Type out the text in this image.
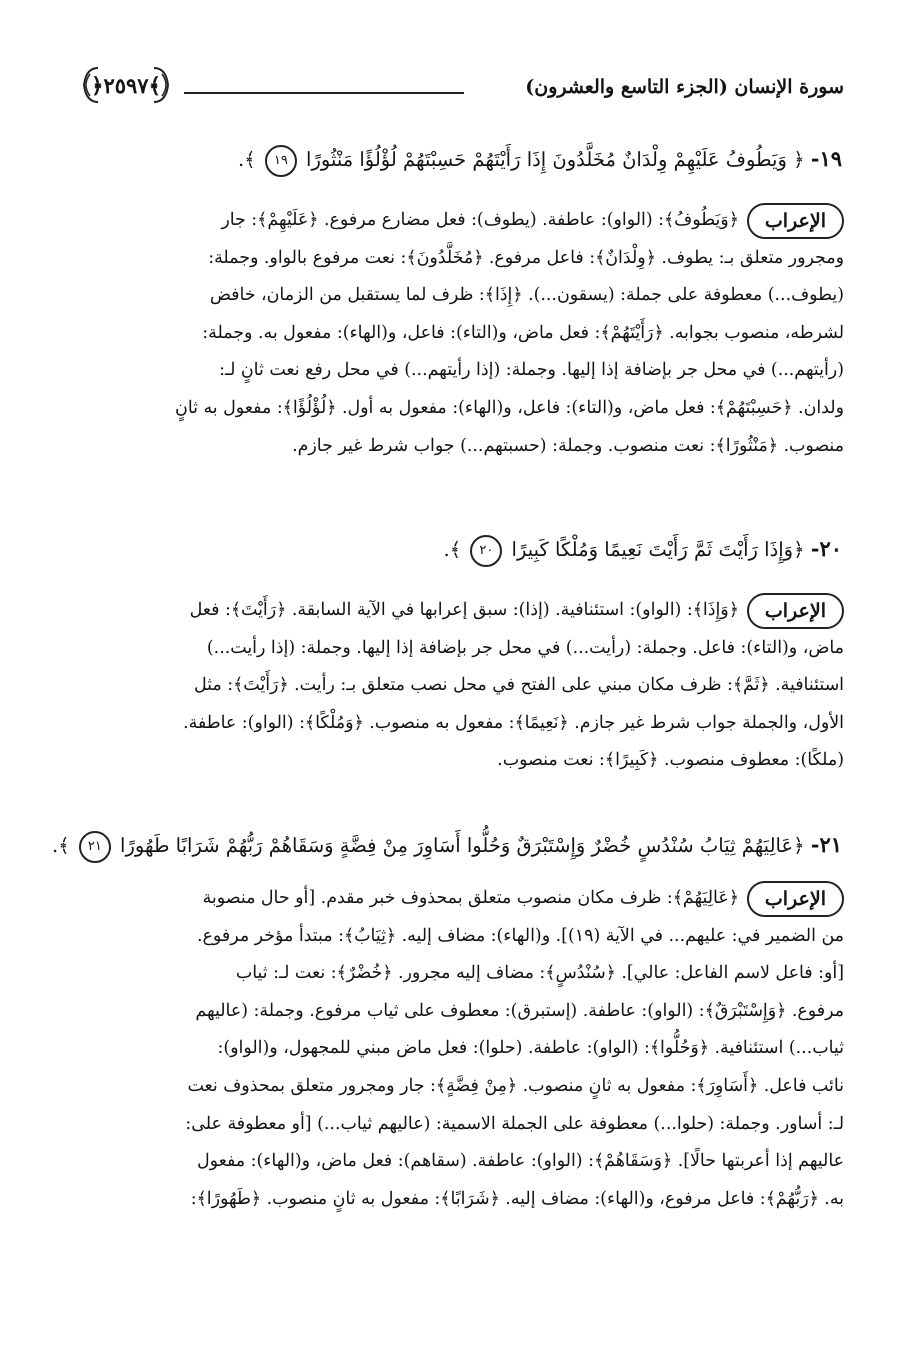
سورة الإنسان (الجزء التاسع والعشرون)
﴿٢٥٩٧﴾
١٩- ﴿ وَيَطُوفُ عَلَيْهِمْ وِلْدَانٌ مُخَلَّدُونَ إِذَا رَأَيْتَهُمْ حَسِبْتَهُمْ لُؤْلُؤًا مَنْثُورًا ١٩ ﴾.
الإعراب
﴿وَيَطُوفُ﴾: (الواو): عاطفة. (يطوف): فعل مضارع مرفوع. ﴿عَلَيْهِمْ﴾: جار
ومجرور متعلق بـ: يطوف. ﴿وِلْدَانٌ﴾: فاعل مرفوع. ﴿مُخَلَّدُونَ﴾: نعت مرفوع بالواو. وجملة:
(يطوف...) معطوفة على جملة: (يسقون...). ﴿إِذَا﴾: ظرف لما يستقبل من الزمان، خافض
لشرطه، منصوب بجوابه. ﴿رَأَيْتَهُمْ﴾: فعل ماض، و(التاء): فاعل، و(الهاء): مفعول به. وجملة:
(رأيتهم...) في محل جر بإضافة إذا إليها. وجملة: (إذا رأيتهم...) في محل رفع نعت ثانٍ لـ:
ولدان. ﴿حَسِبْتَهُمْ﴾: فعل ماض، و(التاء): فاعل، و(الهاء): مفعول به أول. ﴿لُؤْلُؤًا﴾: مفعول به ثانٍ
منصوب. ﴿مَنْثُورًا﴾: نعت منصوب. وجملة: (حسبتهم...) جواب شرط غير جازم.
٢٠- ﴿وَإِذَا رَأَيْتَ ثَمَّ رَأَيْتَ نَعِيمًا وَمُلْكًا كَبِيرًا ٢٠ ﴾.
الإعراب
﴿وَإِذَا﴾: (الواو): استئنافية. (إذا): سبق إعرابها في الآية السابقة. ﴿رَأَيْتَ﴾: فعل
ماض، و(التاء): فاعل. وجملة: (رأيت...) في محل جر بإضافة إذا إليها. وجملة: (إذا رأيت...)
استئنافية. ﴿ثَمَّ﴾: ظرف مكان مبني على الفتح في محل نصب متعلق بـ: رأيت. ﴿رَأَيْتَ﴾: مثل
الأول، والجملة جواب شرط غير جازم. ﴿نَعِيمًا﴾: مفعول به منصوب. ﴿وَمُلْكًا﴾: (الواو): عاطفة.
(ملكًا): معطوف منصوب. ﴿كَبِيرًا﴾: نعت منصوب.
٢١- ﴿عَالِيَهُمْ ثِيَابُ سُنْدُسٍ خُضْرٌ وَإِسْتَبْرَقٌ وَحُلُّوا أَسَاوِرَ مِنْ فِضَّةٍ وَسَقَاهُمْ رَبُّهُمْ شَرَابًا طَهُورًا ٢١ ﴾.
الإعراب
﴿عَالِيَهُمْ﴾: ظرف مكان منصوب متعلق بمحذوف خبر مقدم. [أو حال منصوبة
من الضمير في: عليهم... في الآية (١٩)]. و(الهاء): مضاف إليه. ﴿ثِيَابُ﴾: مبتدأ مؤخر مرفوع.
[أو: فاعل لاسم الفاعل: عالي]. ﴿سُنْدُسٍ﴾: مضاف إليه مجرور. ﴿خُضْرٌ﴾: نعت لـ: ثياب
مرفوع. ﴿وَإِسْتَبْرَقٌ﴾: (الواو): عاطفة. (إستبرق): معطوف على ثياب مرفوع. وجملة: (عاليهم
ثياب...) استئنافية. ﴿وَحُلُّوا﴾: (الواو): عاطفة. (حلوا): فعل ماض مبني للمجهول، و(الواو):
نائب فاعل. ﴿أَسَاوِرَ﴾: مفعول به ثانٍ منصوب. ﴿مِنْ فِضَّةٍ﴾: جار ومجرور متعلق بمحذوف نعت
لـ: أساور. وجملة: (حلوا...) معطوفة على الجملة الاسمية: (عاليهم ثياب...) [أو معطوفة على:
عاليهم إذا أعربتها حالًا]. ﴿وَسَقَاهُمْ﴾: (الواو): عاطفة. (سقاهم): فعل ماض، و(الهاء): مفعول
به. ﴿رَبُّهُمْ﴾: فاعل مرفوع، و(الهاء): مضاف إليه. ﴿شَرَابًا﴾: مفعول به ثانٍ منصوب. ﴿طَهُورًا﴾:
